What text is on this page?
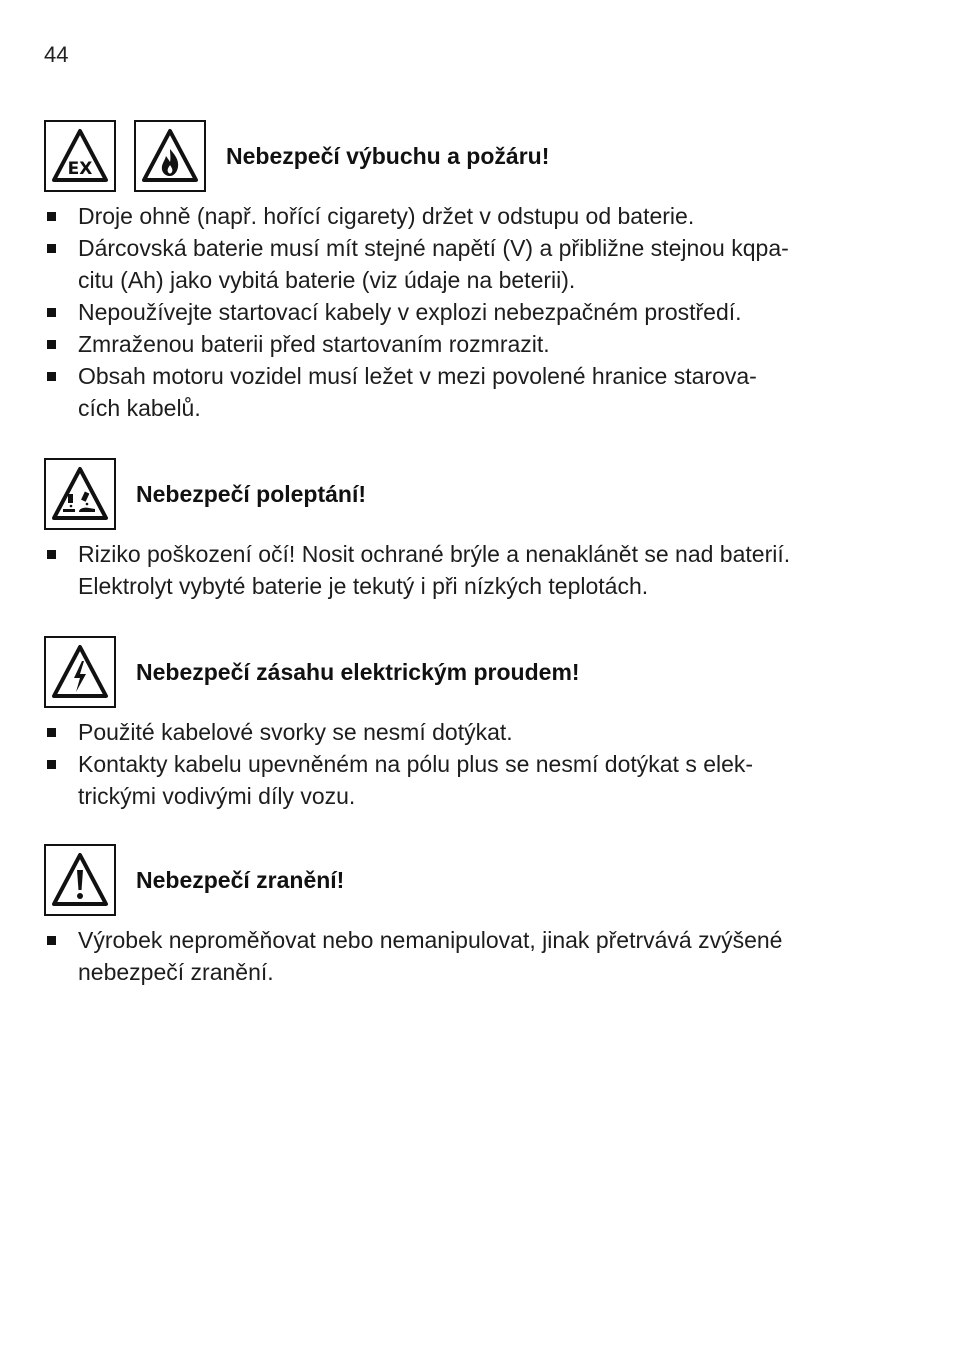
44
EX
Nebezpečí výbuchu a požáru!
Droje ohně (např. hořící cigarety) držet v odstupu od baterie.
Dárcovská baterie musí mít stejné napětí (V) a přibližne stejnou kqpa-
citu (Ah) jako vybitá baterie (viz údaje na beterii).
Nepoužívejte startovací kabely v explozi nebezpačném prostředí.
Zmraženou baterii před startovaním rozmrazit.
Obsah motoru vozidel musí ležet v mezi povolené hranice starova-
cích kabelů.
Nebezpečí poleptání!
Riziko poškození očí! Nosit ochrané brýle a nenaklánět se nad baterií.
Elektrolyt vybyté baterie je tekutý i při nízkých teplotách.
Nebezpečí zásahu elektrickým proudem!
Použité kabelové svorky se nesmí dotýkat.
Kontakty kabelu upevněném na pólu plus se nesmí dotýkat s elek-
trickými vodivými díly vozu.
Nebezpečí zranění!
Výrobek neproměňovat nebo nemanipulovat, jinak přetrvává zvýšené
nebezpečí zranění.
